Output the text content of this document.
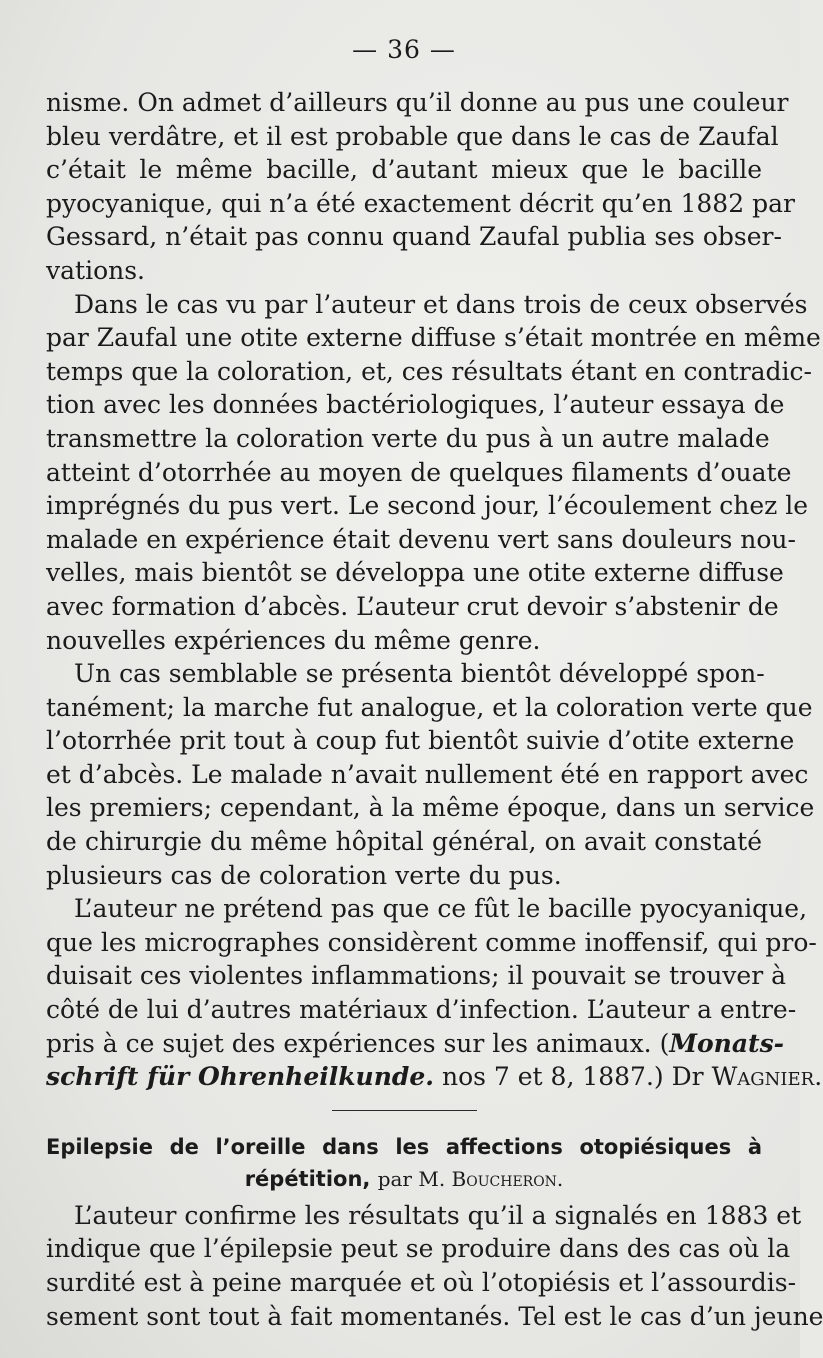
— 36 —
nisme. On admet d’ailleurs qu’il donne au pus une couleur
bleu verdâtre, et il est probable que dans le cas de Zaufal
c’était le même bacille, d’autant mieux que le bacille
pyocyanique, qui n’a été exactement décrit qu’en 1882 par
Gessard, n’était pas connu quand Zaufal publia ses obser-
vations.
Dans le cas vu par l’auteur et dans trois de ceux observés
par Zaufal une otite externe diffuse s’était montrée en même
temps que la coloration, et, ces résultats étant en contradic-
tion avec les données bactériologiques, l’auteur essaya de
transmettre la coloration verte du pus à un autre malade
atteint d’otorrhée au moyen de quelques filaments d’ouate
imprégnés du pus vert. Le second jour, l’écoulement chez le
malade en expérience était devenu vert sans douleurs nou-
velles, mais bientôt se développa une otite externe diffuse
avec formation d’abcès. L’auteur crut devoir s’abstenir de
nouvelles expériences du même genre.
Un cas semblable se présenta bientôt développé spon-
tanément; la marche fut analogue, et la coloration verte que
l’otorrhée prit tout à coup fut bientôt suivie d’otite externe
et d’abcès. Le malade n’avait nullement été en rapport avec
les premiers; cependant, à la même époque, dans un service
de chirurgie du même hôpital général, on avait constaté
plusieurs cas de coloration verte du pus.
L’auteur ne prétend pas que ce fût le bacille pyocyanique,
que les micrographes considèrent comme inoffensif, qui pro-
duisait ces violentes inflammations; il pouvait se trouver à
côté de lui d’autres matériaux d’infection. L’auteur a entre-
pris à ce sujet des expériences sur les animaux. (Monats-
schrift für Ohrenheilkunde. nos 7 et 8, 1887.) Dr Wagnier.
Epilepsie de l’oreille dans les affections otopiésiques à
répétition, par M. Boucheron.
L’auteur confirme les résultats qu’il a signalés en 1883 et
indique que l’épilepsie peut se produire dans des cas où la
surdité est à peine marquée et où l’otopiésis et l’assourdis-
sement sont tout à fait momentanés. Tel est le cas d’un jeune
